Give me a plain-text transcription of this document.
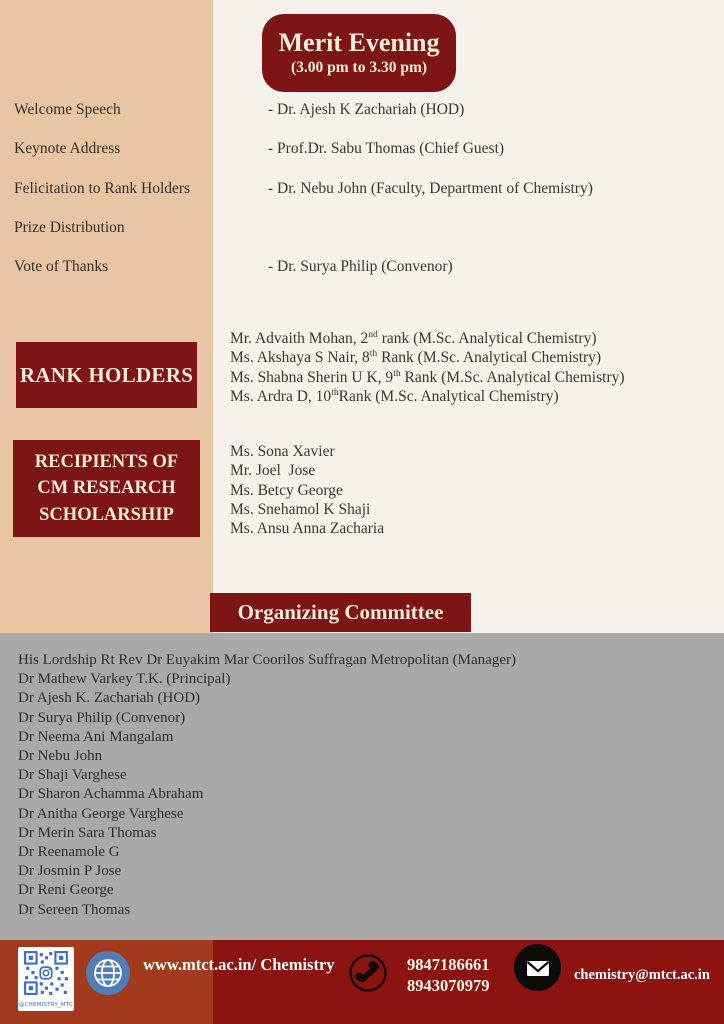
Merit Evening
(3.00 pm to 3.30 pm)
Welcome Speech	- Dr. Ajesh K Zachariah (HOD)
Keynote Address	- Prof.Dr. Sabu Thomas (Chief Guest)
Felicitation to Rank Holders	- Dr. Nebu John (Faculty, Department of Chemistry)
Prize Distribution
Vote of Thanks	- Dr. Surya Philip (Convenor)
RANK HOLDERS
Mr. Advaith Mohan, 2nd rank (M.Sc. Analytical Chemistry)
Ms. Akshaya S Nair, 8th Rank (M.Sc. Analytical Chemistry)
Ms. Shabna Sherin U K, 9th Rank (M.Sc. Analytical Chemistry)
Ms. Ardra D, 10thRank (M.Sc. Analytical Chemistry)
RECIPIENTS OF
CM RESEARCH
SCHOLARSHIP
Ms. Sona Xavier
Mr. Joel  Jose
Ms. Betcy George
Ms. Snehamol K Shaji
Ms. Ansu Anna Zacharia
Organizing Committee
His Lordship Rt Rev Dr Euyakim Mar Coorilos Suffragan Metropolitan (Manager)
Dr Mathew Varkey T.K. (Principal)
Dr Ajesh K. Zachariah (HOD)
Dr Surya Philip (Convenor)
Dr Neema Ani Mangalam
Dr Nebu John
Dr Shaji Varghese
Dr Sharon Achamma Abraham
Dr Anitha George Varghese
Dr Merin Sara Thomas
Dr Reenamole G
Dr Josmin P Jose
Dr Reni George
Dr Sereen Thomas
@CHEMISTRY_MTC
www.mtct.ac.in/ Chemistry	9847186661
8943070979
chemistry@mtct.ac.in
